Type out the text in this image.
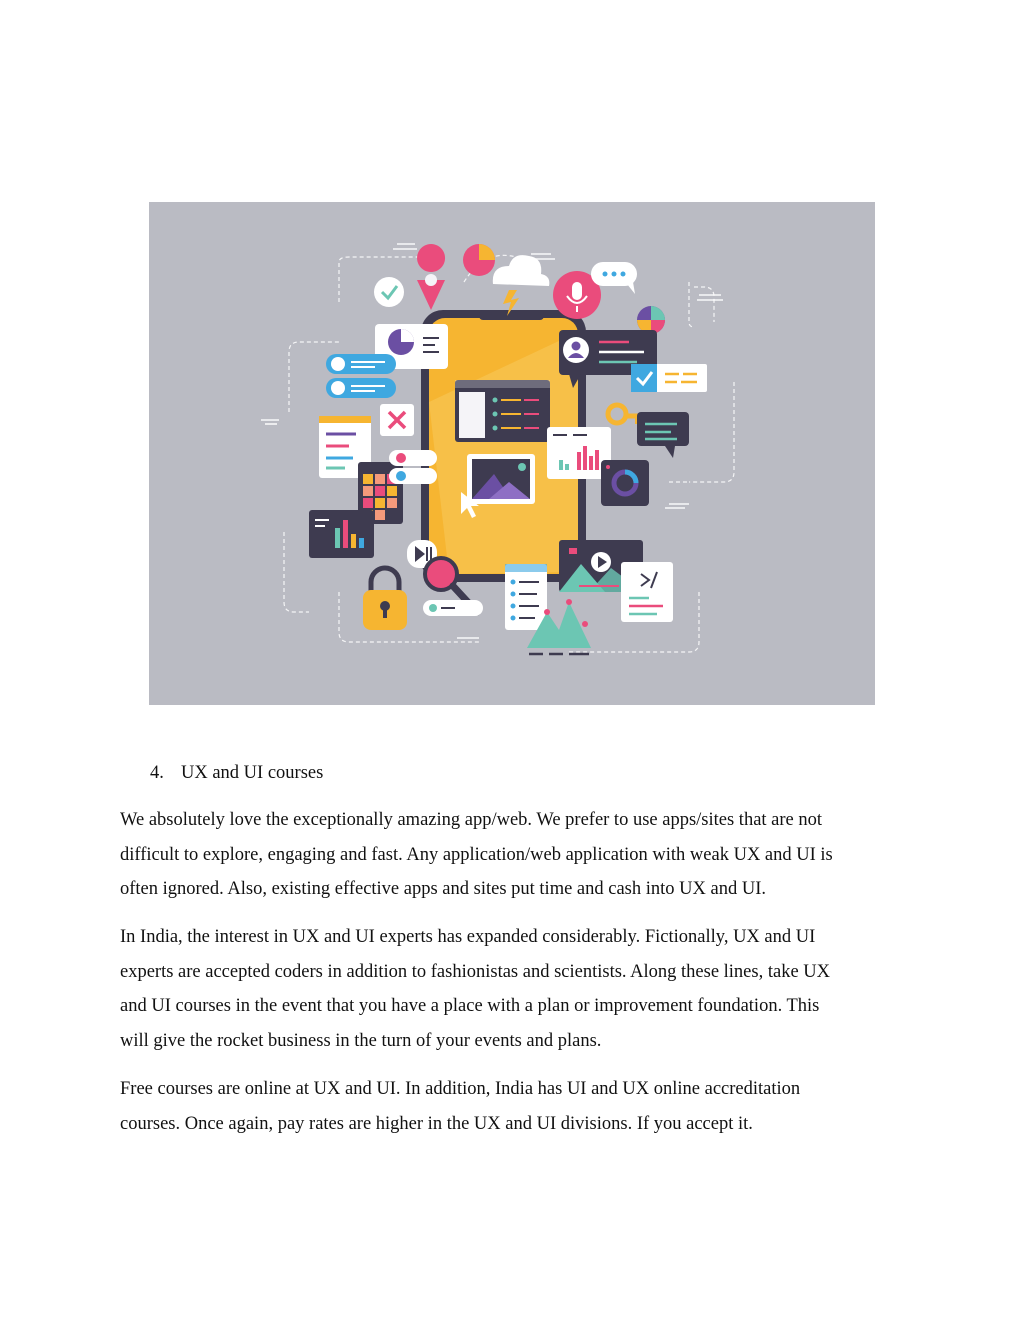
4. UX and UI courses

We absolutely love the exceptionally amazing app/web. We prefer to use apps/sites that are not
difficult to explore, engaging and fast. Any application/web application with weak UX and UI is
often ignored. Also, existing effective apps and sites put time and cash into UX and UI.

In India, the interest in UX and UI experts has expanded considerably. Fictionally, UX and UI
experts are accepted coders in addition to fashionistas and scientists. Along these lines, take UX
and UI courses in the event that you have a place with a plan or improvement foundation. This
will give the rocket business in the turn of your events and plans.

Free courses are online at UX and UI. In addition, India has UI and UX online accreditation
courses. Once again, pay rates are higher in the UX and UI divisions. If you accept it.
